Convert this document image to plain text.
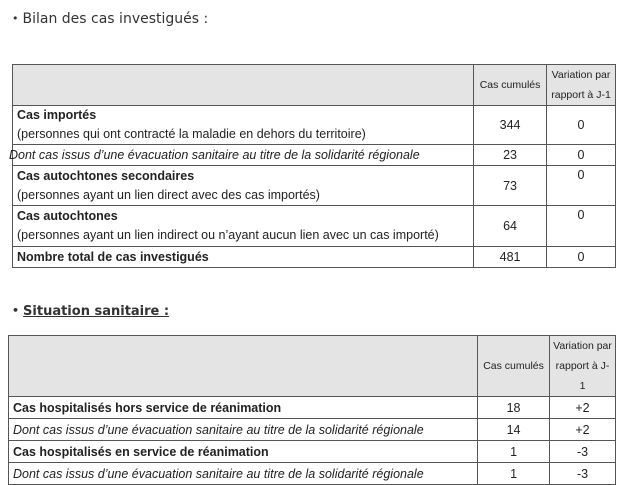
• Bilan des cas investigués :
	Cas cumulés	Variation par rapport à J-1

Cas importés
(personnes qui ont contracté la maladie en dehors du territoire)	344	0
Dont cas issus d’une évacuation sanitaire au titre de la solidarité régionale	23	0

Cas autochtones secondaires
(personnes ayant un lien direct avec des cas importés)	73	0

Cas autochtones
(personnes ayant un lien indirect ou n’ayant aucun lien avec un cas importé)	64	0
Nombre total de cas investigués	481	0
• Situation sanitaire :
	Cas cumulés	Variation par rapport à J-1
Cas hospitalisés hors service de réanimation	18	+2
Dont cas issus d’une évacuation sanitaire au titre de la solidarité régionale	14	+2
Cas hospitalisés en service de réanimation	1	-3
Dont cas issus d’une évacuation sanitaire au titre de la solidarité régionale	1	-3
